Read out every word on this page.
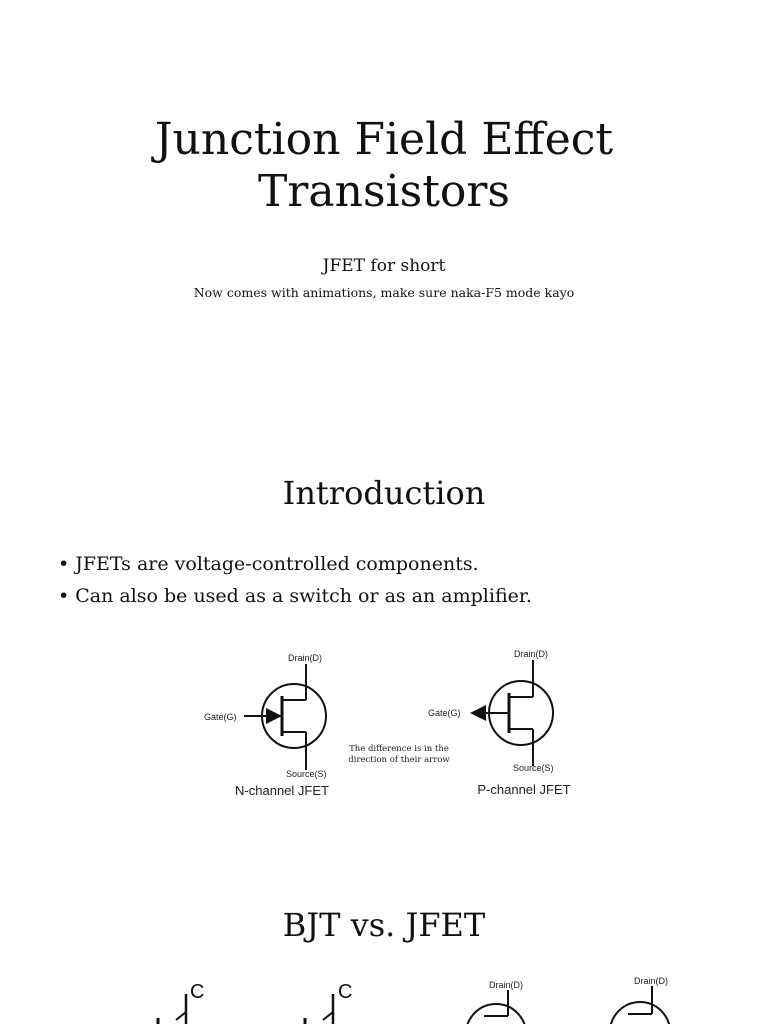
Junction Field Effect
Transistors
JFET for short
Now comes with animations, make sure naka-F5 mode kayo
Introduction
• JFETs are voltage-controlled components.
• Can also be used as a switch or as an amplifier.
Drain(D)
Gate(G)
Source(S)
N-channel JFET
The difference is in the
direction of their arrow
Drain(D)
Gate(G)
Source(S)
P-channel JFET
BJT vs. JFET
C	C	Drain(D)	Drain(D)
